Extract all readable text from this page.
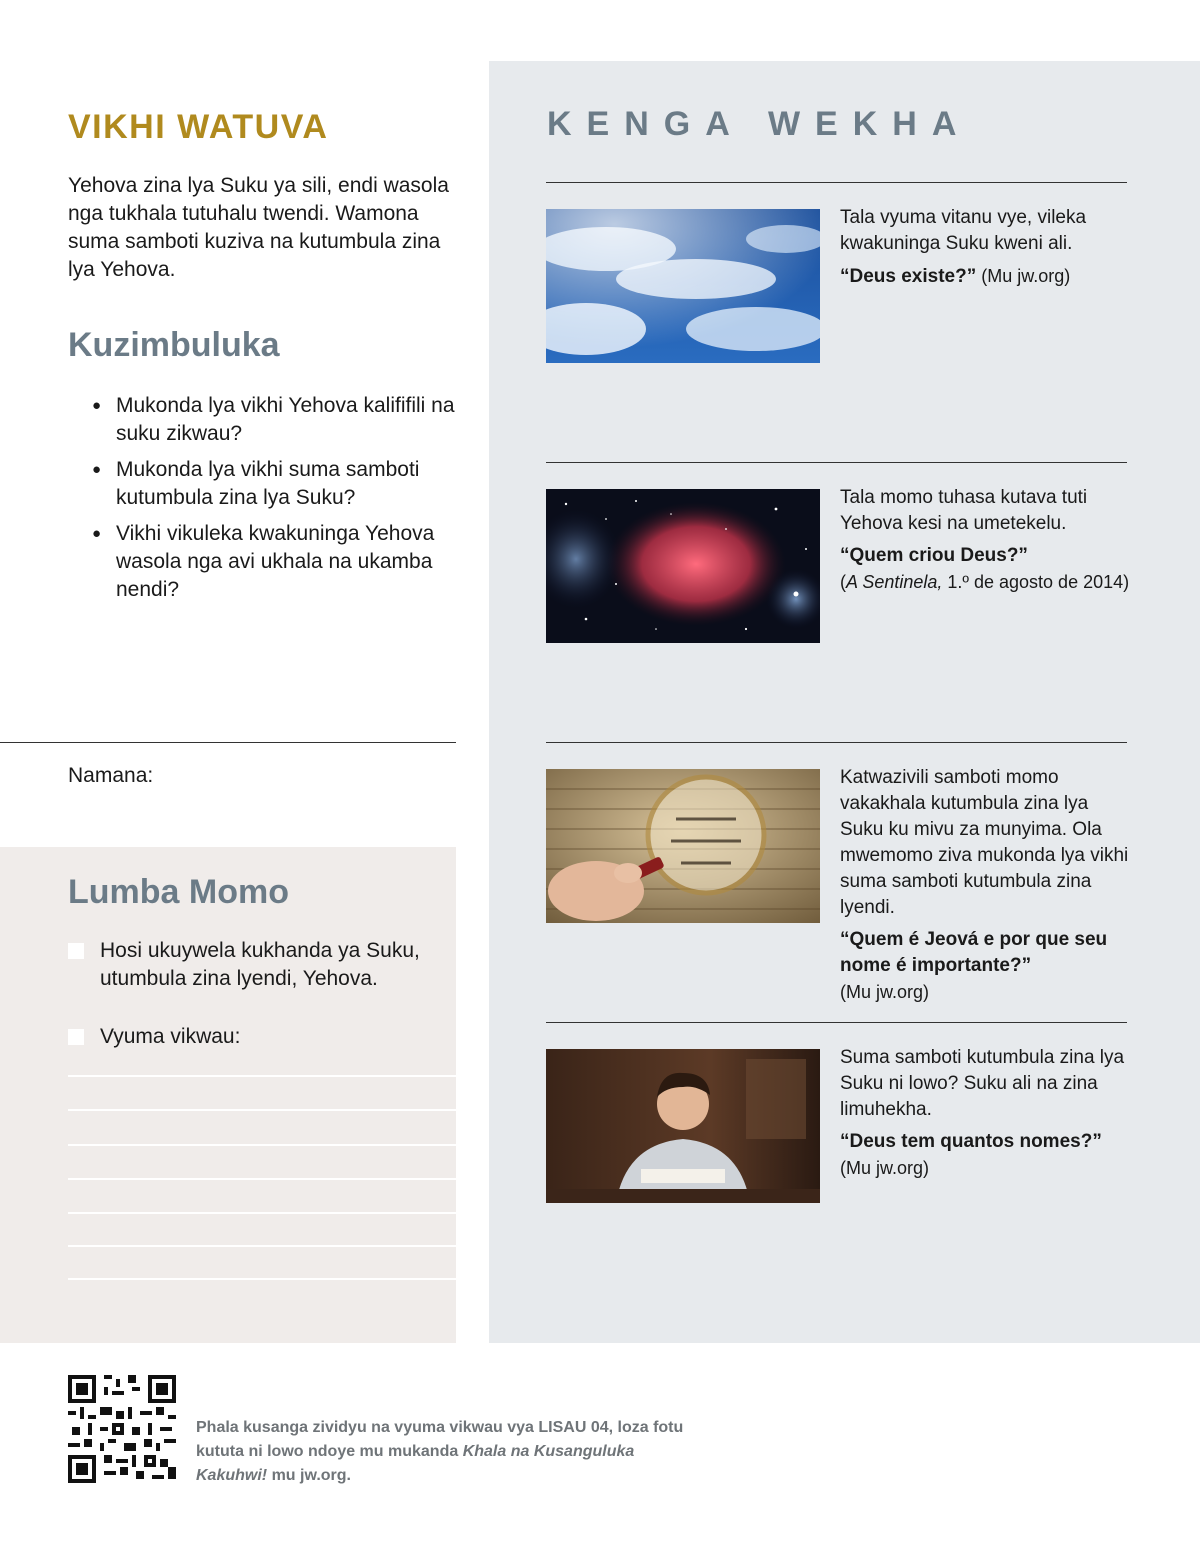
VIKHI WATUVA

Yehova zina lya Suku ya sili, endi wasola nga tukhala tutuhalu twendi. Wamona suma samboti kuziva na kutumbula zina lya Yehova.

Kuzimbuluka
● Mukonda lya vikhi Yehova kalififili na suku zikwau?
● Mukonda lya vikhi suma samboti kutumbula zina lya Suku?
● Vikhi vikuleka kwakuninga Yehova wasola nga avi ukhala na ukamba nendi?
Namana:
Lumba Momo
Hosi ukuywela kukhanda ya Suku, utumbula zina lyendi, Yehova.
Vyuma vikwau:
KENGA WEKHA

Tala vyuma vitanu vye, vileka kwakuninga Suku kweni ali.

“Deus existe?” (Mu jw.org)

Tala momo tuhasa kutava tuti Yehova kesi na umetekelu.

“Quem criou Deus?”
(A Sentinela, 1.º de agosto de 2014)

Katwazivili samboti momo vakakhala kutumbula zina lya Suku ku mivu za munyima. Ola mwemomo ziva mukonda lya vikhi suma samboti kutumbula zina lyendi.

“Quem é Jeová e por que seu nome é importante?”
(Mu jw.org)

Suma samboti kutumbula zina lya Suku ni lowo? Suku ali na zina limuhekha.

“Deus tem quantos nomes?”
(Mu jw.org)

Phala kusanga zividyu na vyuma vikwau vya LISAU 04, loza fotu kututa ni lowo ndoye mu mukanda Khala na Kusanguluka Kakuhwi! mu jw.org.
